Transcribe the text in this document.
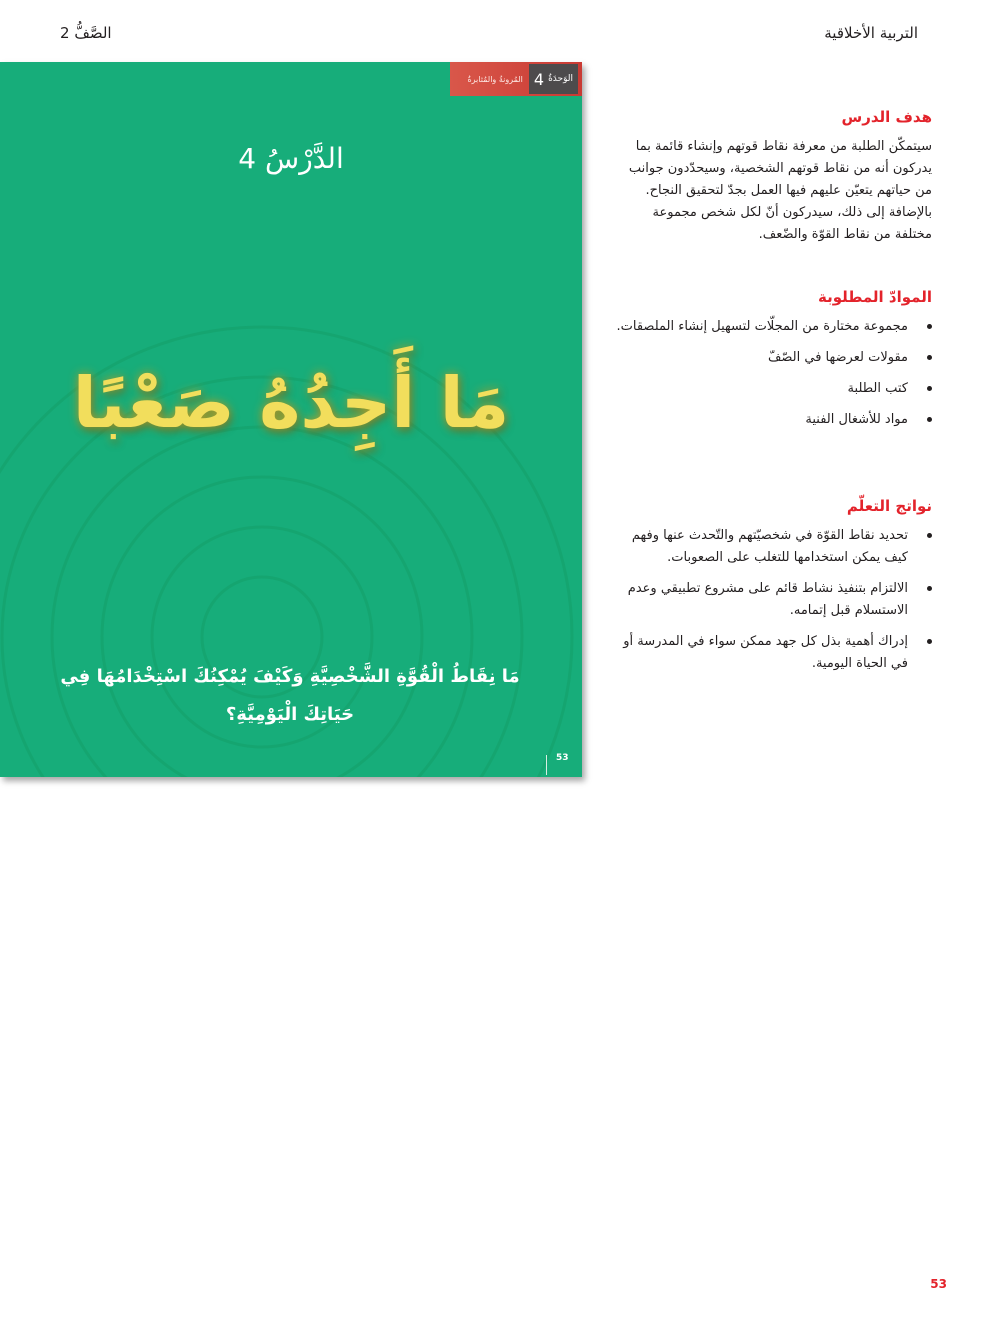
التربية الأخلاقية
الصَّفُّ 2
الوَحدَةُ
4
المُرونةُ والمُثابرةُ
الدَّرْسُ 4
مَا أَجِدُهُ صَعْبًا
مَا نِقَاطُ الْقُوَّةِ الشَّخْصِيَّةِ وَكَيْفَ يُمْكِنُكَ اسْتِخْدَامُهَا فِي حَيَاتِكَ الْيَوْمِيَّةِ؟
53
هدف الدرس

سيتمكّن الطلبة من معرفة نقاط قوتهم وإنشاء قائمة بما يدركون أنه من نقاط قوتهم الشخصية، وسيحدّدون جوانب من حياتهم يتعيّن عليهم فيها العمل بجدّ لتحقيق النجاح. بالإضافة إلى ذلك، سيدركون أنّ لكل شخص مجموعة مختلفة من نقاط القوّة والضّعف.

الموادّ المطلوبة
مجموعة مختارة من المجلّات لتسهيل إنشاء الملصقات.
مقولات لعرضها في الصّفّ
كتب الطلبة
مواد للأشغال الفنية
نواتج التعلّم
تحديد نقاط القوّة في شخصيّتهم والتّحدث عنها وفهم كيف يمكن استخدامها للتغلب على الصعوبات.
الالتزام بتنفيذ نشاط قائم على مشروع تطبيقي وعدم الاستسلام قبل إتمامه.
إدراك أهمية بذل كل جهد ممكن سواء في المدرسة أو في الحياة اليومية.
53
